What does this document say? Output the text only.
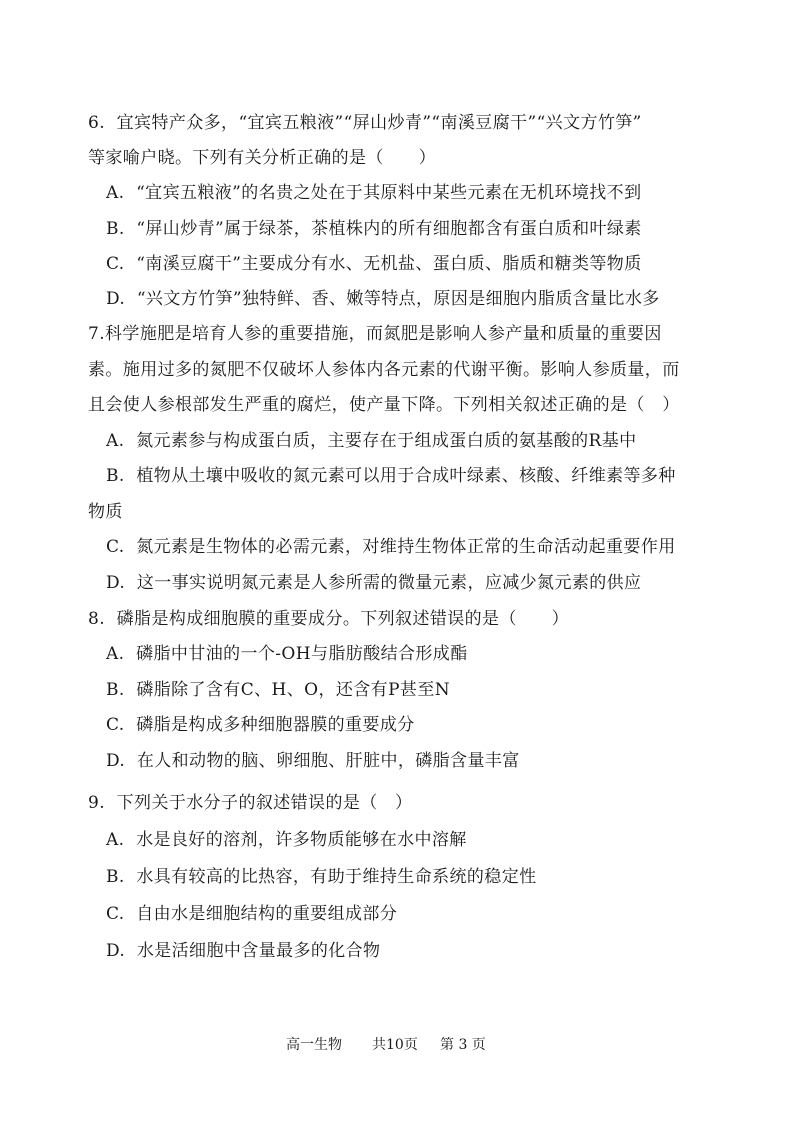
6. 宜宾特产众多，“宜宾五粮液”“屏山炒青”“南溪豆腐干”“兴文方竹笋”
等家喻户晓。下列有关分析正确的是（　　）
A. “宜宾五粮液”的名贵之处在于其原料中某些元素在无机环境找不到
B. “屏山炒青”属于绿茶，茶植株内的所有细胞都含有蛋白质和叶绿素
C. “南溪豆腐干”主要成分有水、无机盐、蛋白质、脂质和糖类等物质
D. “兴文方竹笋”独特鲜、香、嫩等特点，原因是细胞内脂质含量比水多
7.科学施肥是培育人参的重要措施，而氮肥是影响人参产量和质量的重要因
素。施用过多的氮肥不仅破坏人参体内各元素的代谢平衡。影响人参质量，而
且会使人参根部发生严重的腐烂，使产量下降。下列相关叙述正确的是（　）
A. 氮元素参与构成蛋白质，主要存在于组成蛋白质的氨基酸的R基中
B. 植物从土壤中吸收的氮元素可以用于合成叶绿素、核酸、纤维素等多种
物质
C. 氮元素是生物体的必需元素，对维持生物体正常的生命活动起重要作用
D. 这一事实说明氮元素是人参所需的微量元素，应减少氮元素的供应
8. 磷脂是构成细胞膜的重要成分。下列叙述错误的是（　　）
A. 磷脂中甘油的一个-OH与脂肪酸结合形成酯
B. 磷脂除了含有C、H、O，还含有P甚至N
C. 磷脂是构成多种细胞器膜的重要成分
D. 在人和动物的脑、卵细胞、肝脏中，磷脂含量丰富
9. 下列关于水分子的叙述错误的是（　）
A. 水是良好的溶剂，许多物质能够在水中溶解
B. 水具有较高的比热容，有助于维持生命系统的稳定性
C. 自由水是细胞结构的重要组成部分
D. 水是活细胞中含量最多的化合物
高一生物 共10页 第 3 页
